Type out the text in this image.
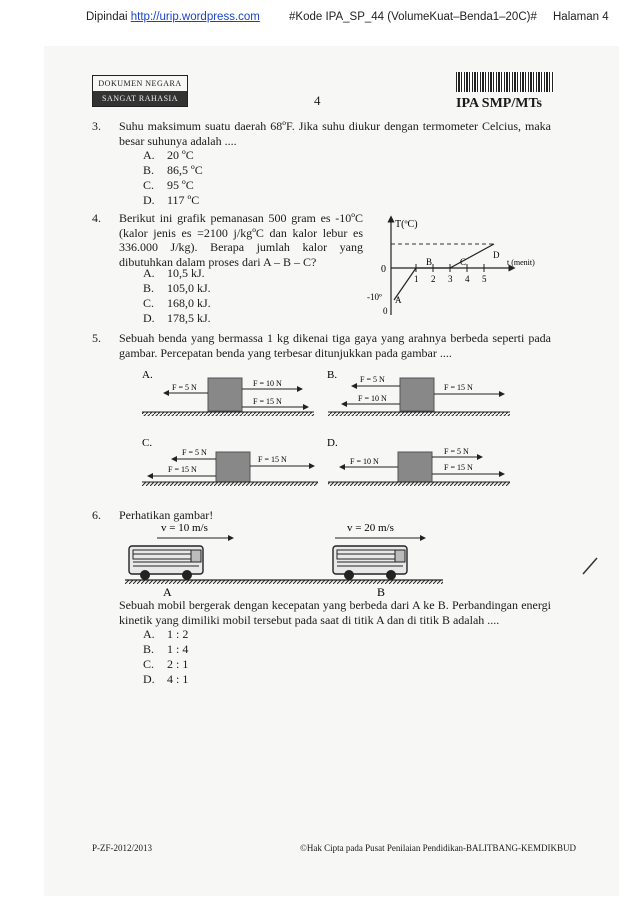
Dipindai http://urip.wordpress.com	#Kode IPA_SP_44 (VolumeKuat–Benda1–20C)# Halaman 4
DOKUMEN NEGARA
SANGAT RAHASIA	4	IPA SMP/MTs
3. Suhu maksimum suatu daerah 68ºF. Jika suhu diukur dengan termometer Celcius, maka besar suhunya adalah ....
A. 20 ºC
B. 86,5 ºC
C. 95 ºC
D. 117 ºC
4. Berikut ini grafik pemanasan 500 gram es -10ºC (kalor jenis es =2100 j/kgºC dan kalor lebur es 336.000 J/kg). Berapa jumlah kalor yang dibutuhkan dalam proses dari A – B – C?
A. 10,5 kJ.
B. 105,0 kJ.
C. 168,0 kJ.
D. 178,5 kJ.
T(ºC)
t (menit)
0
-10º
0
1 2 3 4 5
A
B	C
D
5. Sebuah benda yang bermassa 1 kg dikenai tiga gaya yang arahnya berbeda seperti pada gambar. Percepatan benda yang terbesar ditunjukkan pada gambar ....
A.
F = 5 N	F = 10 N
F = 15 N
B.	F = 5 N
F = 10 N
F = 15 N
C.
F = 5 N
F = 15 N
F = 15 N
D.
F = 10 N
F = 5 N
F = 15 N
6. Perhatikan gambar!
v = 10 m/s	v = 20 m/s
A	B
Sebuah mobil bergerak dengan kecepatan yang berbeda dari A ke B. Perbandingan energi kinetik yang dimiliki mobil tersebut pada saat di titik A dan di titik B adalah ....
A. 1 : 2
B. 1 : 4
C. 2 : 1
D. 4 : 1
P-ZF-2012/2013	©Hak Cipta pada Pusat Penilaian Pendidikan-BALITBANG-KEMDIKBUD
